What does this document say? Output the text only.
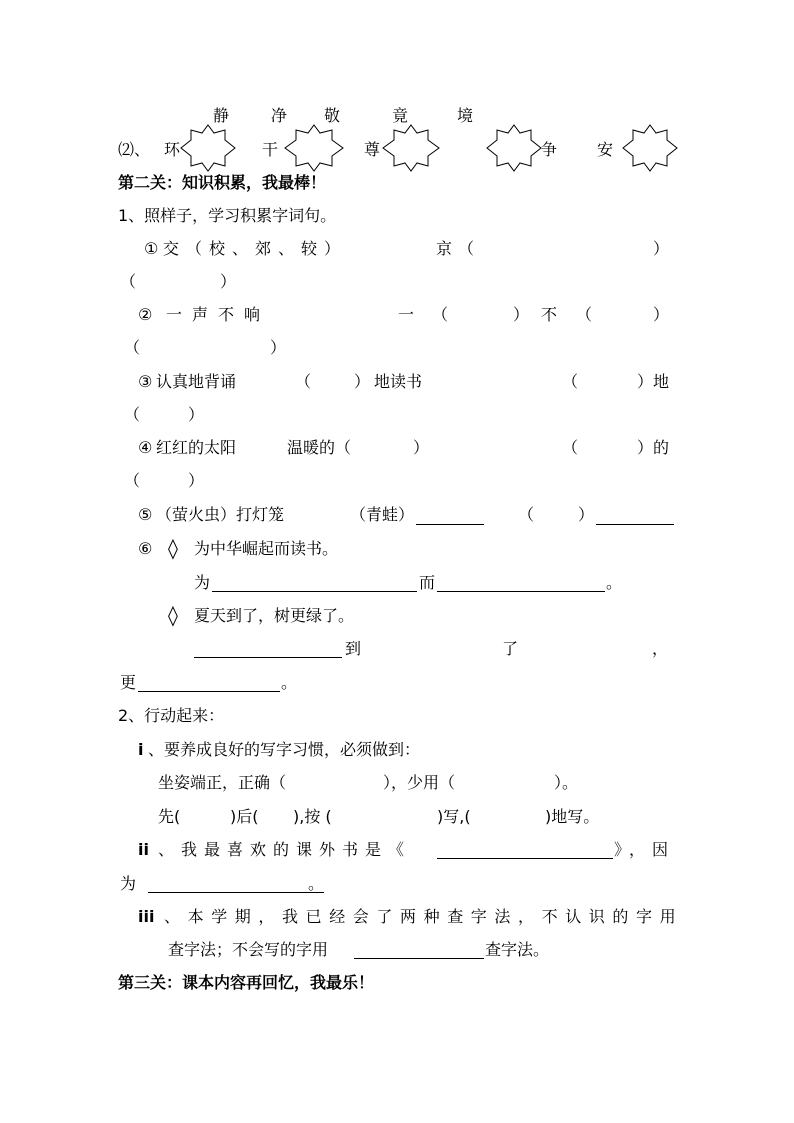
静	净 敬	竟	境
⑵、 环	干	尊	争 安
第二关：知识积累，我最棒！
1、照样子，学习积累字词句。
① 交（校、郊、较）	京（	）
（	）
② 一声不响	一 （	） 不 （	）
（	）
③ 认真地背诵	（	） 地读书	（	）地
（	）
④ 红红的太阳	温暖的（	）	（	）的
（	）
⑤ （萤火虫）打灯笼	（青蛙）	（	）
⑥ ◊ 为中华崛起而读书。
为	而	。
◊ 夏天到了，树更绿了。
到	了	，
更	。
2、行动起来：
i 、要养成良好的写字习惯，必须做到：
坐姿端正，正确（	），少用（	）。
先(	)后( ),按 (	)写,(	)地写。
ii 、我最喜欢的课外书是《	》，因
为	。
iii 、本学期，我已经会了两种查字法，不认识的字用
查字法；不会写的字用	查字法。
第三关：课本内容再回忆，我最乐！
